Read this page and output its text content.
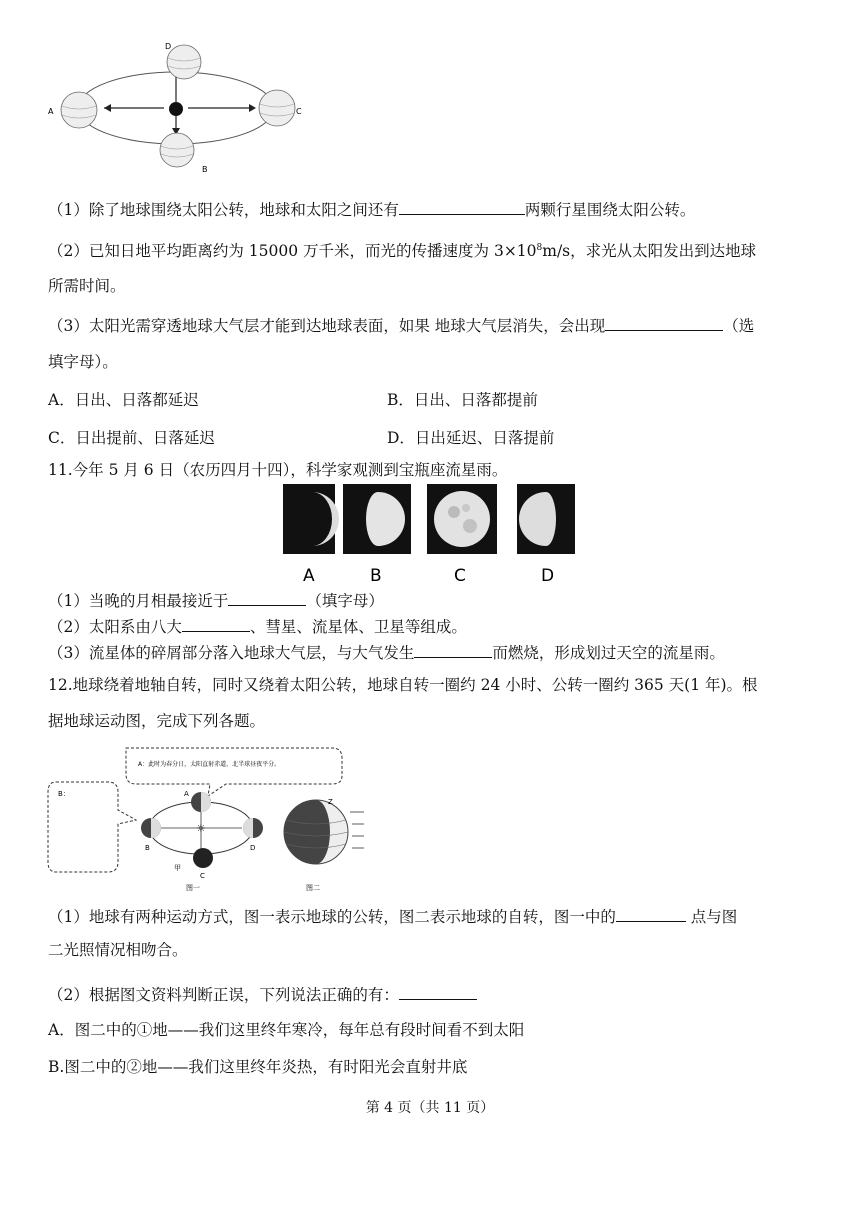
D
A	C
B
（1）除了地球围绕太阳公转，地球和太阳之间还有	两颗行星围绕太阳公转。
（2）已知日地平均距离约为 15000 万千米，而光的传播速度为 $3\times 10^8m/s$，求光从太阳发出到达地球
所需时间。
（3）太阳光需穿透地球大气层才能到达地球表面，如果 地球大气层消失，会出现	（选
填字母）。
A．日出、日落都延迟	B．日出、日落都提前
C．日出提前、日落延迟	D．日出延迟、日落提前
11.今年 5 月 6 日（农历四月十四），科学家观测到宝瓶座流星雨。
A	B	C	D
（1）当晚的月相最接近于	（填字母）
（2）太阳系由八大	、彗星、流星体、卫星等组成。
（3）流星体的碎屑部分落入地球大气层，与大气发生	而燃烧，形成划过天空的流星雨。
12.地球绕着地轴自转，同时又绕着太阳公转，地球自转一圈约 24 小时、公转一圈约 365 天(1 年)。根
据地球运动图，完成下列各题。
A：此时为春分日，太阳直射赤道，北半球昼夜平分。
B：
☼
A
B
C
D
甲
图一
Z
图二
（1）地球有两种运动方式，图一表示地球的公转，图二表示地球的自转，图一中的	点与图
二光照情况相吻合。
（2）根据图文资料判断正误，下列说法正确的有：
A．图二中的①地——我们这里终年寒冷，每年总有段时间看不到太阳
B.图二中的②地——我们这里终年炎热，有时阳光会直射井底
第 4 页（共 11 页）
